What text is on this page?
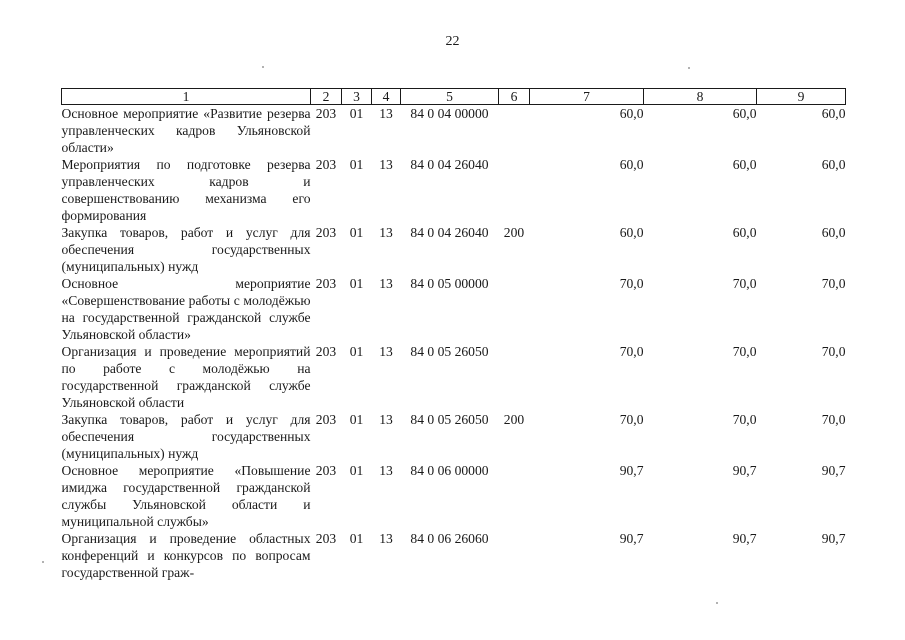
22
1	2	3	4	5	6	7	8	9
Основное мероприятие «Развитие резерва управленческих кадров Ульяновской области»	203	01	13	84 0 04 00000		60,0	60,0	60,0
Мероприятия по подготовке резерва управленческих кадров и совершенствованию механизма его формирования	203	01	13	84 0 04 26040		60,0	60,0	60,0
Закупка товаров, работ и услуг для обеспечения государственных (муниципальных) нужд	203	01	13	84 0 04 26040	200	60,0	60,0	60,0
Основное мероприятие «Совершенствование работы с молодёжью на государственной гражданской службе Ульяновской области»	203	01	13	84 0 05 00000		70,0	70,0	70,0
Организация и проведение мероприятий по работе с молодёжью на государственной гражданской службе Ульяновской области	203	01	13	84 0 05 26050		70,0	70,0	70,0
Закупка товаров, работ и услуг для обеспечения государственных (муниципальных) нужд	203	01	13	84 0 05 26050	200	70,0	70,0	70,0
Основное мероприятие «Повышение имиджа государственной гражданской службы Ульяновской области и муниципальной службы»	203	01	13	84 0 06 00000		90,7	90,7	90,7
Организация и проведение областных конференций и конкурсов по вопросам государственной граж-	203	01	13	84 0 06 26060		90,7	90,7	90,7
